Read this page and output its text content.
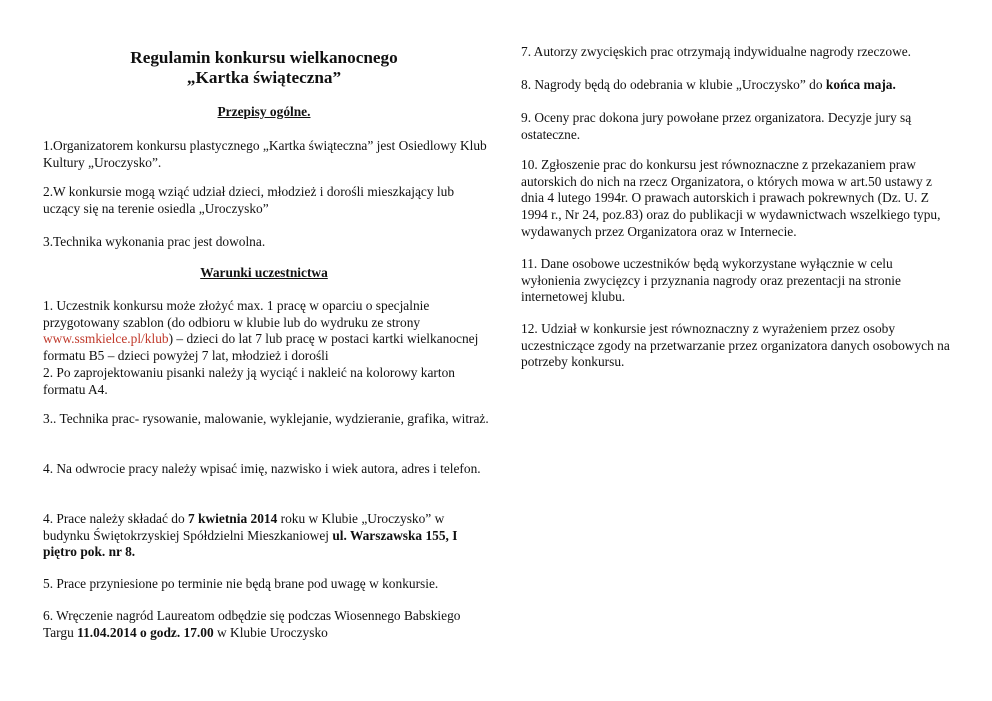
Regulamin konkursu wielkanocnego
„Kartka świąteczna”
Przepisy ogólne.

1.Organizatorem konkursu plastycznego „Kartka świąteczna” jest Osiedlowy Klub Kultury „Uroczysko”.

2.W konkursie mogą wziąć udział dzieci, młodzież i dorośli mieszkający lub uczący się na terenie osiedla „Uroczysko”

3.Technika wykonania prac jest dowolna.

Warunki uczestnictwa

1. Uczestnik konkursu może złożyć max. 1 pracę w oparciu o specjalnie przygotowany szablon (do odbioru w klubie lub do wydruku ze strony www.ssmkielce.pl/klub) – dzieci do lat 7 lub pracę w postaci kartki wielkanocnej formatu B5 – dzieci powyżej 7 lat, młodzież i dorośli

2. Po zaprojektowaniu pisanki należy ją wyciąć i nakleić na kolorowy karton formatu A4.

3.. Technika prac- rysowanie, malowanie, wyklejanie, wydzieranie, grafika, witraż.

4. Na odwrocie pracy należy wpisać imię, nazwisko i wiek autora, adres i telefon.

4. Prace należy składać do 7 kwietnia 2014 roku w Klubie „Uroczysko” w budynku Świętokrzyskiej Spółdzielni Mieszkaniowej ul. Warszawska 155, I piętro pok. nr 8.

5. Prace przyniesione po terminie nie będą brane pod uwagę w konkursie.

6. Wręczenie nagród Laureatom odbędzie się podczas Wiosennego Babskiego Targu 11.04.2014 o godz. 17.00 w Klubie Uroczysko

7. Autorzy zwycięskich prac otrzymają indywidualne nagrody rzeczowe.

8. Nagrody będą do odebrania w klubie „Uroczysko” do końca maja.

9. Oceny prac dokona jury powołane przez organizatora. Decyzje jury są ostateczne.

10. Zgłoszenie prac do konkursu jest równoznaczne z przekazaniem praw autorskich do nich na rzecz Organizatora, o których mowa w art.50 ustawy z dnia 4 lutego 1994r. O prawach autorskich i prawach pokrewnych (Dz. U. Z 1994 r., Nr 24, poz.83) oraz do publikacji w wydawnictwach wszelkiego typu, wydawanych przez Organizatora oraz w Internecie.

11. Dane osobowe uczestników będą wykorzystane wyłącznie w celu wyłonienia zwycięzcy i przyznania nagrody oraz prezentacji na stronie internetowej klubu.

12. Udział w konkursie jest równoznaczny z wyrażeniem przez osoby uczestniczące zgody na przetwarzanie przez organizatora danych osobowych na potrzeby konkursu.
